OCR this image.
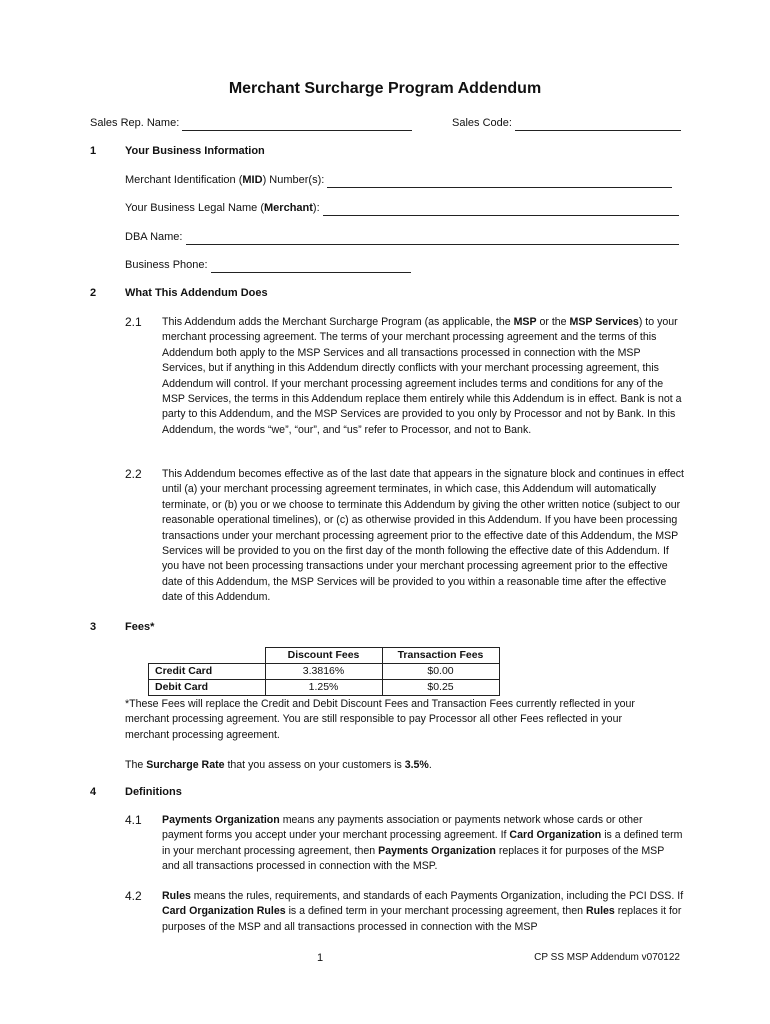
Merchant Surcharge Program Addendum
Sales Rep. Name:	Sales Code:
1	Your Business Information
Merchant Identification (MID) Number(s):
Your Business Legal Name (Merchant):
DBA Name:
Business Phone:
2	What This Addendum Does
2.1 This Addendum adds the Merchant Surcharge Program (as applicable, the MSP or the MSP Services) to your merchant processing agreement. The terms of your merchant processing agreement and the terms of this Addendum both apply to the MSP Services and all transactions processed in connection with the MSP Services, but if anything in this Addendum directly conflicts with your merchant processing agreement, this Addendum will control. If your merchant processing agreement includes terms and conditions for any of the MSP Services, the terms in this Addendum replace them entirely while this Addendum is in effect. Bank is not a party to this Addendum, and the MSP Services are provided to you only by Processor and not by Bank. In this Addendum, the words “we”, “our”, and “us” refer to Processor, and not to Bank.
2.2 This Addendum becomes effective as of the last date that appears in the signature block and continues in effect until (a) your merchant processing agreement terminates, in which case, this Addendum will automatically terminate, or (b) you or we choose to terminate this Addendum by giving the other written notice (subject to our reasonable operational timelines), or (c) as otherwise provided in this Addendum. If you have been processing transactions under your merchant processing agreement prior to the effective date of this Addendum, the MSP Services will be provided to you on the first day of the month following the effective date of this Addendum. If you have not been processing transactions under your merchant processing agreement prior to the effective date of this Addendum, the MSP Services will be provided to you within a reasonable time after the effective date of this Addendum.
3	Fees*
	Discount Fees	Transaction Fees
Credit Card	3.3816%	$0.00
Debit Card	1.25%	$0.25
*These Fees will replace the Credit and Debit Discount Fees and Transaction Fees currently reflected in your merchant processing agreement. You are still responsible to pay Processor all other Fees reflected in your merchant processing agreement.
The Surcharge Rate that you assess on your customers is 3.5%.
4	Definitions
4.1 Payments Organization means any payments association or payments network whose cards or other payment forms you accept under your merchant processing agreement. If Card Organization is a defined term in your merchant processing agreement, then Payments Organization replaces it for purposes of the MSP and all transactions processed in connection with the MSP.
4.2 Rules means the rules, requirements, and standards of each Payments Organization, including the PCI DSS. If Card Organization Rules is a defined term in your merchant processing agreement, then Rules replaces it for purposes of the MSP and all transactions processed in connection with the MSP
1	CP SS MSP Addendum v070122
